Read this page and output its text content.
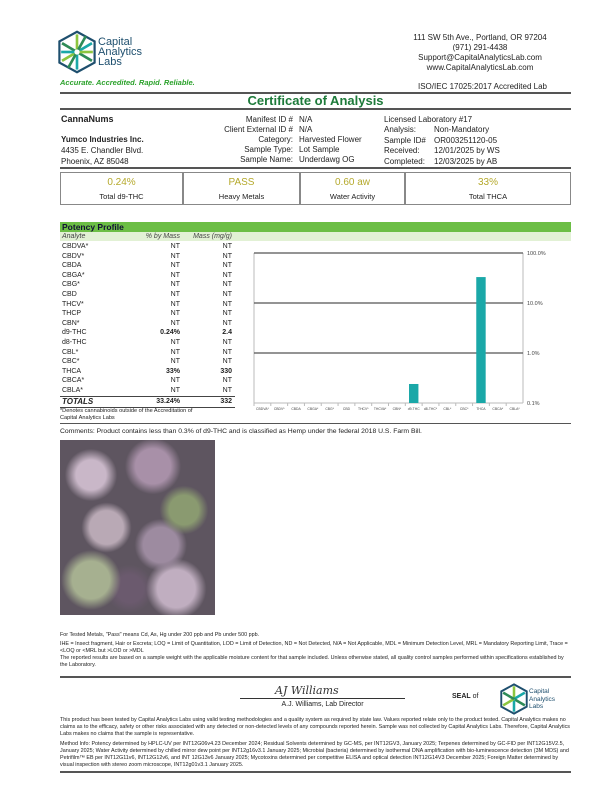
Capital
Analytics
Labs
Accurate. Accredited. Rapid. Reliable.
111 SW 5th Ave., Portland, OR 97204
(971) 291-4438
Support@CapitalAnalyticsLab.com
www.CapitalAnalyticsLab.com
ISO/IEC 17025:2017 Accredited Lab
Certificate of Analysis
CannaNums
Yumco Industries Inc.
4435 E. Chandler Blvd.
Phoenix, AZ 85048
Manifest ID # N/A
Client External ID # N/A
Category: Harvested Flower
Sample Type: Lot Sample
Sample Name: Underdawg OG
Licensed Laboratory #17
Analysis:	Non-Mandatory
Sample ID#	OR003251120-05
Received:	12/01/2025 by WS
Completed:	12/03/2025 by AB
0.24%
Total d9-THC
PASS
Heavy Metals
0.60 aw
Water Activity
33%
Total THCA
Potency Profile
Analyte	% by Mass	Mass (mg/g)
CBDVA*	NT	NT
CBDV*	NT	NT
CBDA	NT	NT
CBGA*	NT	NT
CBG*	NT	NT
CBD	NT	NT
THCV*	NT	NT
THCP	NT	NT
CBN*	NT	NT
d9-THC	0.24%	2.4
d8-THC	NT	NT
CBL*	NT	NT
CBC*	NT	NT
THCA	33%	330
CBCA*	NT	NT
CBLA*	NT	NT
TOTALS	33.24%	332
*Denotes cannabinoids outside of the Accreditation of Capital Analytics Labs
100.0%
10.0%
1.0%
0.1%
CBDVA* CBDV* CBDA CBGA* CBG*	CBD THCV* THCVA* CBN* d9-THC d8-THC* CBL*	CBC* THCA CBCA* CBLA*
Comments: Product contains less than 0.3% of d9-THC and is classified as Hemp under the federal 2018 U.S. Farm Bill.
For Tested Metals, "Pass" means Cd, As, Hg under 200 ppb and Pb under 500 ppb.
IHE = Insect fragment, Hair or Excreta; LOQ = Limit of Quantitation, LOD = Limit of Detection, ND = Not Detected, N/A = Not Applicable, MDL = Minimum Detection Level, MRL = Mandatory Reporting Limit, Trace = <LOQ or <MRL but >LOD or >MDL
The reported results are based on a sample weight with the applicable moisture content for that sample included. Unless otherwise stated, all quality control samples performed within specifications established by the Laboratory.
AJ Williams
A.J. Williams, Lab Director
SEAL of
Capital
Analytics
Labs
This product has been tested by Capital Analytics Labs using valid testing methodologies and a quality system as required by state law. Values reported relate only to the product tested. Capital Analytics makes no claims as to the efficacy, safety or other risks associated with any detected or non-detected levels of any compounds reported herein. Sample was not collected by Capital Analytics Labs. Therefore, Capital Analytics Labs makes no claims that the sample is representative.
Method Info: Potency determined by HPLC-UV per INT12G06v4.23 December 2024; Residual Solvents determined by GC-MS, per INT12GV3, January 2025; Terpenes determined by GC-FID per INT12G15V2.5, January 2025; Water Activity determined by chilled mirror dew point per INT12g16v3.1 January 2025; Microbial (bacteria) determined by isothermal DNA amplification with bio-luminescence detection (3M MDS) and Petrifilm™ EB per INT12G11v6, INT12G12v6, and INT 12G13v6 January 2025; Mycotoxins determined per competitive ELISA and optical detection INT12G14V3 December 2025; Foreign Matter determined by visual inspection with stereo zoom microscope, INT12g01v3.1 January 2025.
